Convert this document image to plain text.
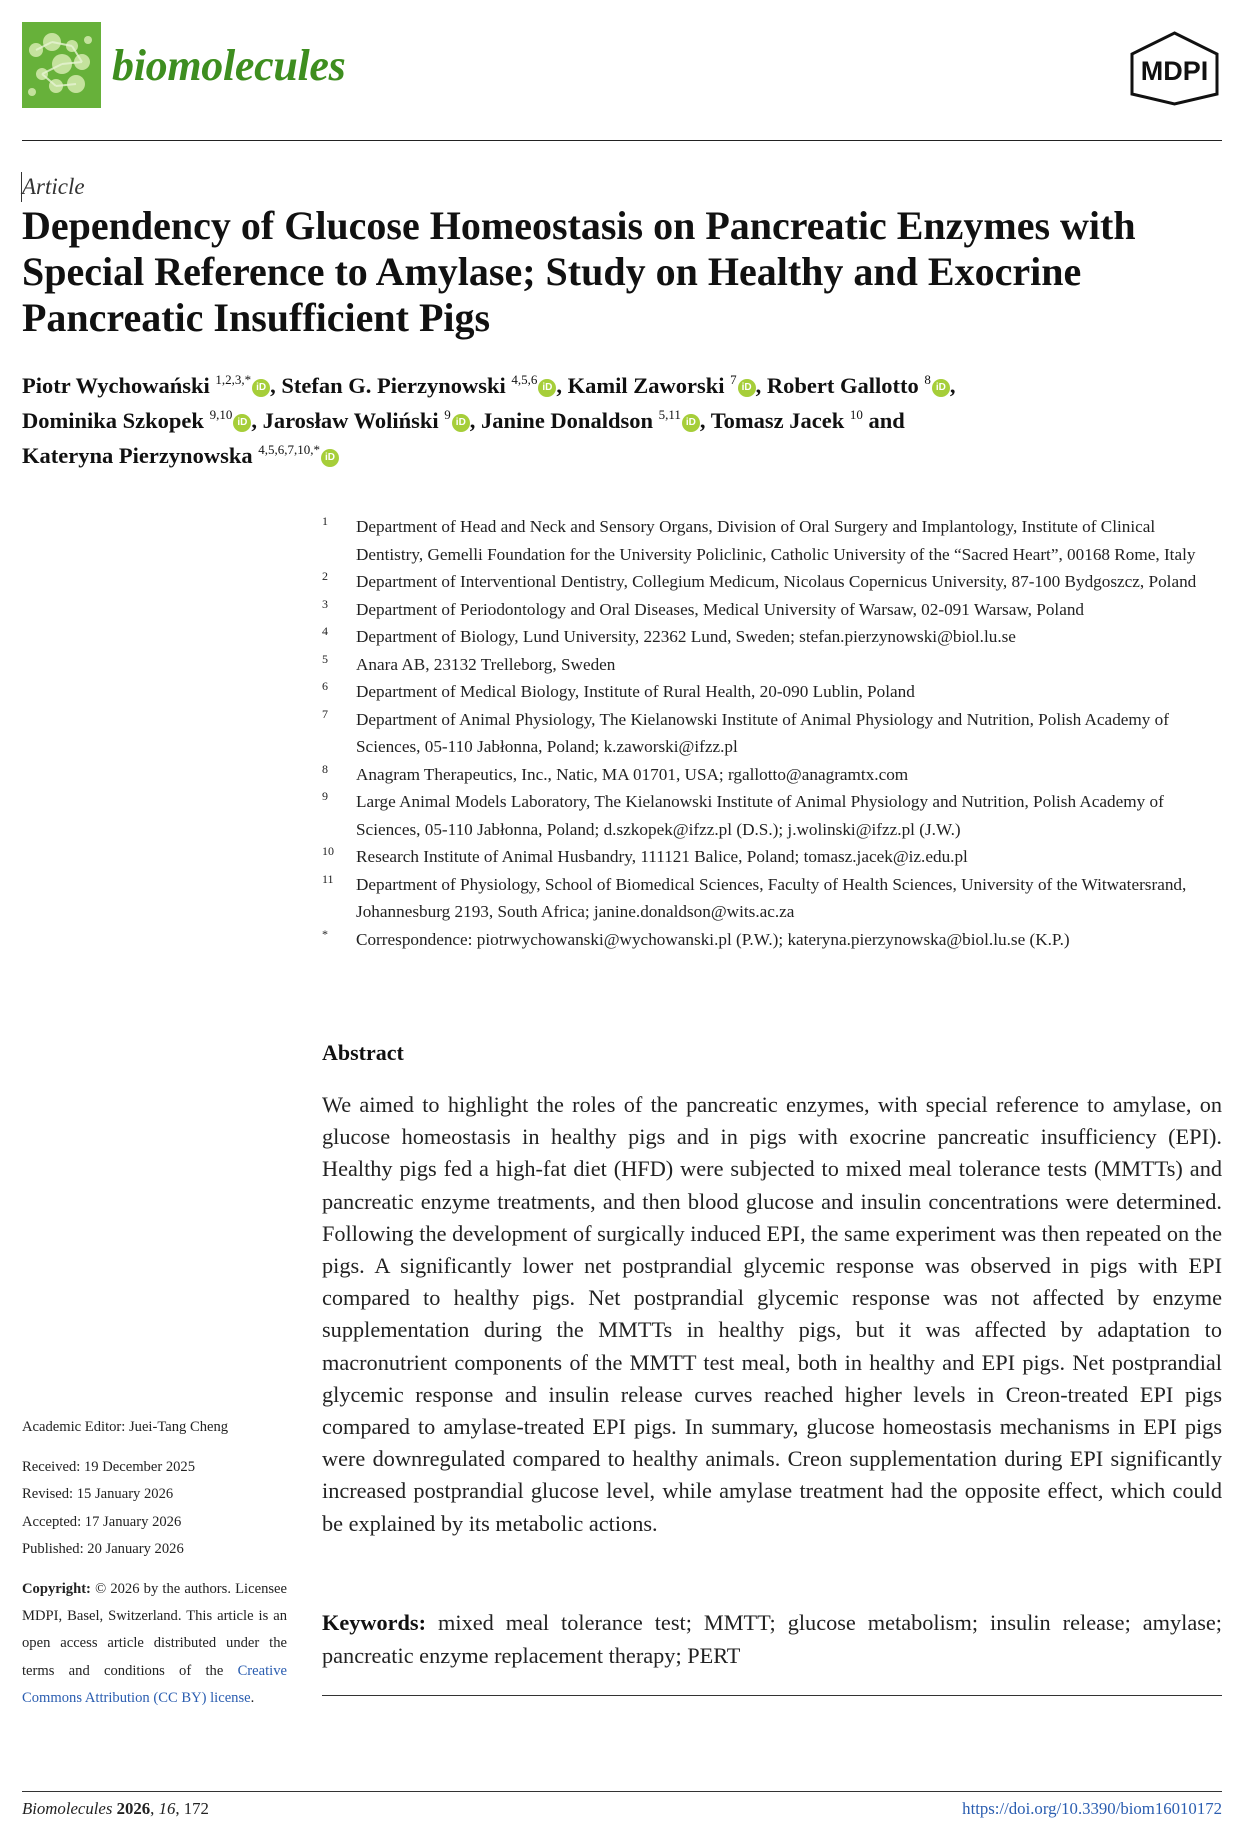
biomolecules	MDPI
Article
Dependency of Glucose Homeostasis on Pancreatic Enzymes with Special Reference to Amylase; Study on Healthy and Exocrine Pancreatic Insufficient Pigs
Piotr Wychowański $^{1,2,3,*}$iD , Stefan G. Pierzynowski $^{4,5,6}$iD , Kamil Zaworski $^7$iD , Robert Gallotto $^8$iD ,
Dominika Szkopek $^{9,10}$iD , Jarosław Woliński $^9$iD , Janine Donaldson $^{5,11}$iD , Tomasz Jacek $^{10}$ and
Kateryna Pierzynowska $^{4,5,6,7,10,*}$iD
1 Department of Head and Neck and Sensory Organs, Division of Oral Surgery and Implantology, Institute of Clinical Dentistry, Gemelli Foundation for the University Policlinic, Catholic University of the “Sacred Heart”, 00168 Rome, Italy
2 Department of Interventional Dentistry, Collegium Medicum, Nicolaus Copernicus University, 87-100 Bydgoszcz, Poland
3 Department of Periodontology and Oral Diseases, Medical University of Warsaw, 02-091 Warsaw, Poland
4 Department of Biology, Lund University, 22362 Lund, Sweden; stefan.pierzynowski@biol.lu.se
5 Anara AB, 23132 Trelleborg, Sweden
6 Department of Medical Biology, Institute of Rural Health, 20-090 Lublin, Poland
7 Department of Animal Physiology, The Kielanowski Institute of Animal Physiology and Nutrition, Polish Academy of Sciences, 05-110 Jabłonna, Poland; k.zaworski@ifzz.pl
8 Anagram Therapeutics, Inc., Natic, MA 01701, USA; rgallotto@anagramtx.com
9 Large Animal Models Laboratory, The Kielanowski Institute of Animal Physiology and Nutrition, Polish Academy of Sciences, 05-110 Jabłonna, Poland; d.szkopek@ifzz.pl (D.S.); j.wolinski@ifzz.pl (J.W.)
10 Research Institute of Animal Husbandry, 111121 Balice, Poland; tomasz.jacek@iz.edu.pl
11 Department of Physiology, School of Biomedical Sciences, Faculty of Health Sciences, University of the Witwatersrand, Johannesburg 2193, South Africa; janine.donaldson@wits.ac.za
* Correspondence: piotrwychowanski@wychowanski.pl (P.W.); kateryna.pierzynowska@biol.lu.se (K.P.)
Abstract

We aimed to highlight the roles of the pancreatic enzymes, with special reference to amylase, on glucose homeostasis in healthy pigs and in pigs with exocrine pancreatic insufficiency (EPI). Healthy pigs fed a high-fat diet (HFD) were subjected to mixed meal tolerance tests (MMTTs) and pancreatic enzyme treatments, and then blood glucose and insulin concentrations were determined. Following the development of surgically induced EPI, the same experiment was then repeated on the pigs. A significantly lower net postprandial glycemic response was observed in pigs with EPI compared to healthy pigs. Net postprandial glycemic response was not affected by enzyme supplementation during the MMTTs in healthy pigs, but it was affected by adaptation to macronutrient components of the MMTT test meal, both in healthy and EPI pigs. Net postprandial glycemic response and insulin release curves reached higher levels in Creon-treated EPI pigs compared to amylase-treated EPI pigs. In summary, glucose homeostasis mechanisms in EPI pigs were downregulated compared to healthy animals. Creon supplementation during EPI significantly increased postprandial glucose level, while amylase treatment had the opposite effect, which could be explained by its metabolic actions.

Keywords: mixed meal tolerance test; MMTT; glucose metabolism; insulin release; amylase; pancreatic enzyme replacement therapy; PERT

Academic Editor: Juei-Tang Cheng
Received: 19 December 2025
Revised: 15 January 2026
Accepted: 17 January 2026
Published: 20 January 2026
Copyright: © 2026 by the authors. Licensee MDPI, Basel, Switzerland. This article is an open access article distributed under the terms and conditions of the Creative Commons Attribution (CC BY) license.
Biomolecules 2026, 16, 172	https://doi.org/10.3390/biom16010172
